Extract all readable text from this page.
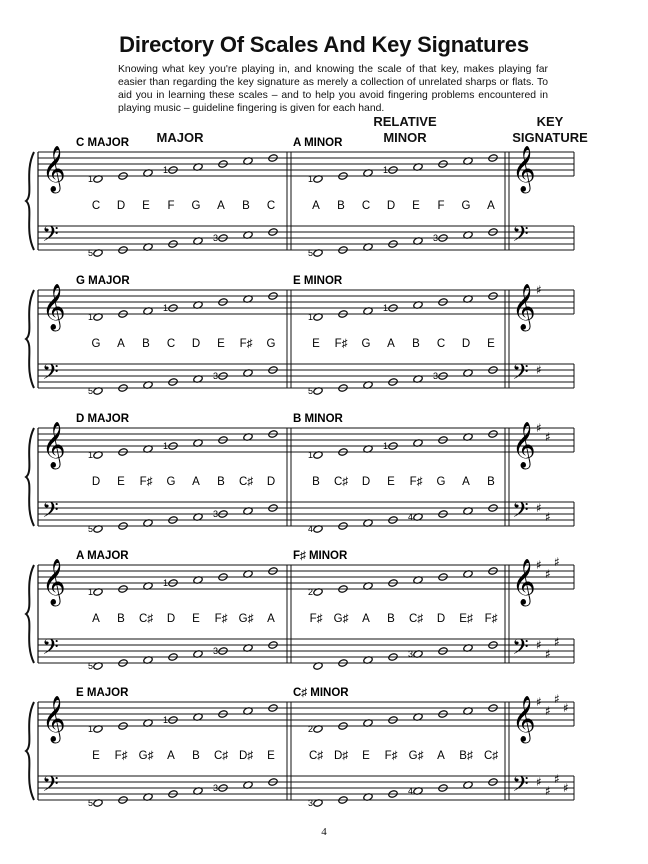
Directory Of Scales And Key Signatures
Knowing what key you're playing in, and knowing the scale of that key, makes playing far easier than regarding the key signature as merely a collection of unrelated sharps or flats. To aid you in learning these scales – and to help you avoid fingering problems encountered in playing music – guideline fingering is given for each hand.
MAJOR
RELATIVE
MINOR
KEY
SIGNATURE
𝄞
𝄢
𝄞
𝄢
C MAJOR	A MINOR
C D E F G A B C	A B C D E F G A
1
1
1
1
5
3
5
3
𝄞
𝄢
𝄞
𝄢
♯
♯
G MAJOR	E MINOR
G A B C D E F♯ G	E F♯ G A B C D E
1
1
1
1
5
3
5
3
𝄞
𝄢
𝄞
𝄢
♯
♯
♯
♯
D MAJOR	B MINOR
D E F♯ G A B C♯ D	B C♯ D E F♯ G A B
1
1
1
1
5
3
4
4
𝄞
𝄢
𝄞
𝄢
♯
♯
♯
♯
♯
♯
A MAJOR	F♯ MINOR
A B C♯ D E F♯ G♯ A	F♯ G♯ A B C♯ D E♯ F♯
1
1
2
5
3	3
𝄞
𝄢
𝄞
𝄢
♯
♯
♯
♯
♯
♯
♯
♯
E MAJOR	C♯ MINOR
E F♯ G♯ A B C♯ D♯ E	C♯ D♯ E F♯ G♯ A B♯ C♯
1
1
2
5
3
3
4
4
